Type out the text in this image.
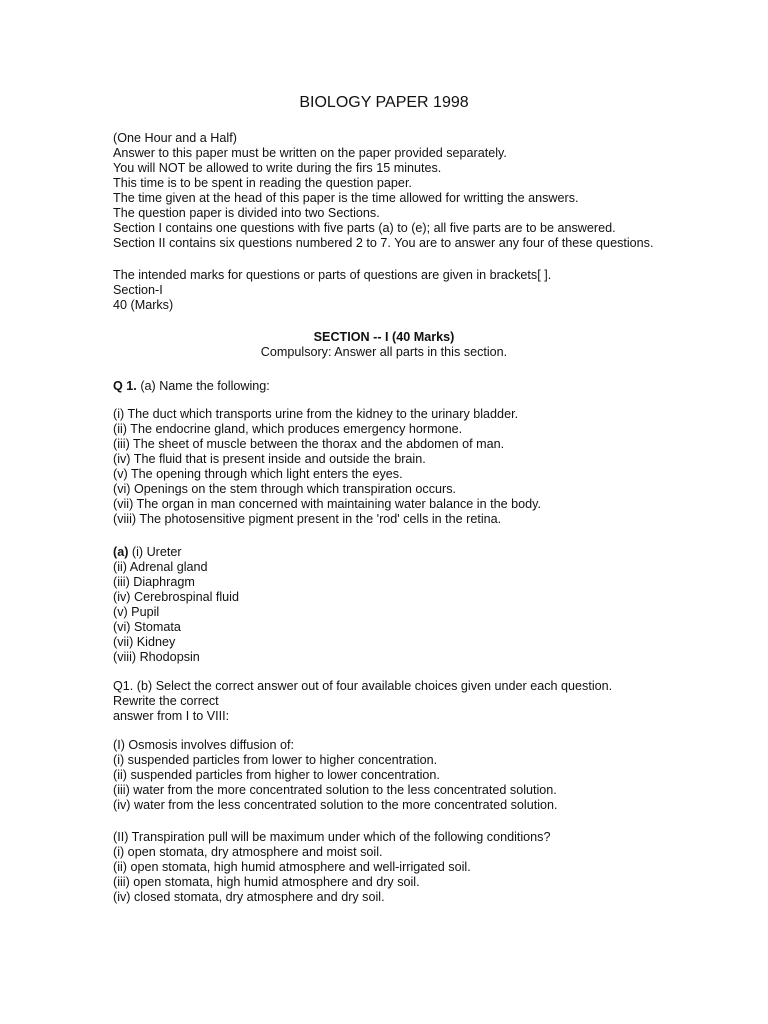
BIOLOGY PAPER 1998
(One Hour and a Half)
Answer to this paper must be written on the paper provided separately.
You will NOT be allowed to write during the firs 15 minutes.
This time is to be spent in reading the question paper.
The time given at the head of this paper is the time allowed for writting the answers.
The question paper is divided into two Sections.
Section I contains one questions with five parts (a) to (e); all five parts are to be answered.
Section II contains six questions numbered 2 to 7. You are to answer any four of these questions.
The intended marks for questions or parts of questions are given in brackets[ ].
Section-I
40 (Marks)
SECTION -- I (40 Marks)
Compulsory: Answer all parts in this section.
Q 1. (a) Name the following:
(i) The duct which transports urine from the kidney to the urinary bladder.
(ii) The endocrine gland, which produces emergency hormone.
(iii) The sheet of muscle between the thorax and the abdomen of man.
(iv) The fluid that is present inside and outside the brain.
(v) The opening through which light enters the eyes.
(vi) Openings on the stem through which transpiration occurs.
(vii) The organ in man concerned with maintaining water balance in the body.
(viii) The photosensitive pigment present in the 'rod' cells in the retina.
(a) (i) Ureter
(ii) Adrenal gland
(iii) Diaphragm
(iv) Cerebrospinal fluid
(v) Pupil
(vi) Stomata
(vii) Kidney
(viii) Rhodopsin
Q1. (b) Select the correct answer out of four available choices given under each question.
Rewrite the correct
answer from I to VIII:
(I) Osmosis involves diffusion of:
(i) suspended particles from lower to higher concentration.
(ii) suspended particles from higher to lower concentration.
(iii) water from the more concentrated solution to the less concentrated solution.
(iv) water from the less concentrated solution to the more concentrated solution.
(II) Transpiration pull will be maximum under which of the following conditions?
(i) open stomata, dry atmosphere and moist soil.
(ii) open stomata, high humid atmosphere and well-irrigated soil.
(iii) open stomata, high humid atmosphere and dry soil.
(iv) closed stomata, dry atmosphere and dry soil.
